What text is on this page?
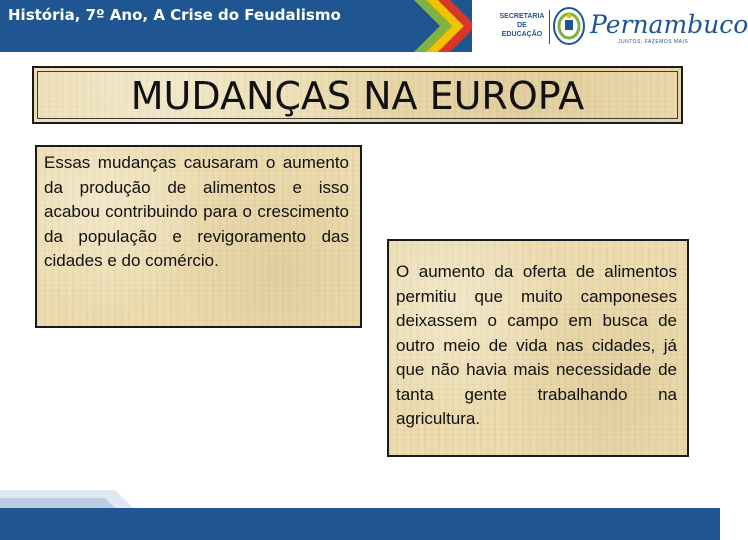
História, 7º Ano, A Crise do Feudalismo	SECRETARIA
DE EDUCAÇÃO Pernambuco
JUNTOS, FAZEMOS MAIS
MUDANÇAS NA EUROPA

Essas mudanças causaram o aumento da produção de alimentos e isso acabou contribuindo para o crescimento da população e revigoramento das cidades e do comércio.

O aumento da oferta de alimentos permitiu que muito camponeses deixassem o campo em busca de outro meio de vida nas cidades, já que não havia mais necessidade de tanta gente trabalhando na agricultura.
